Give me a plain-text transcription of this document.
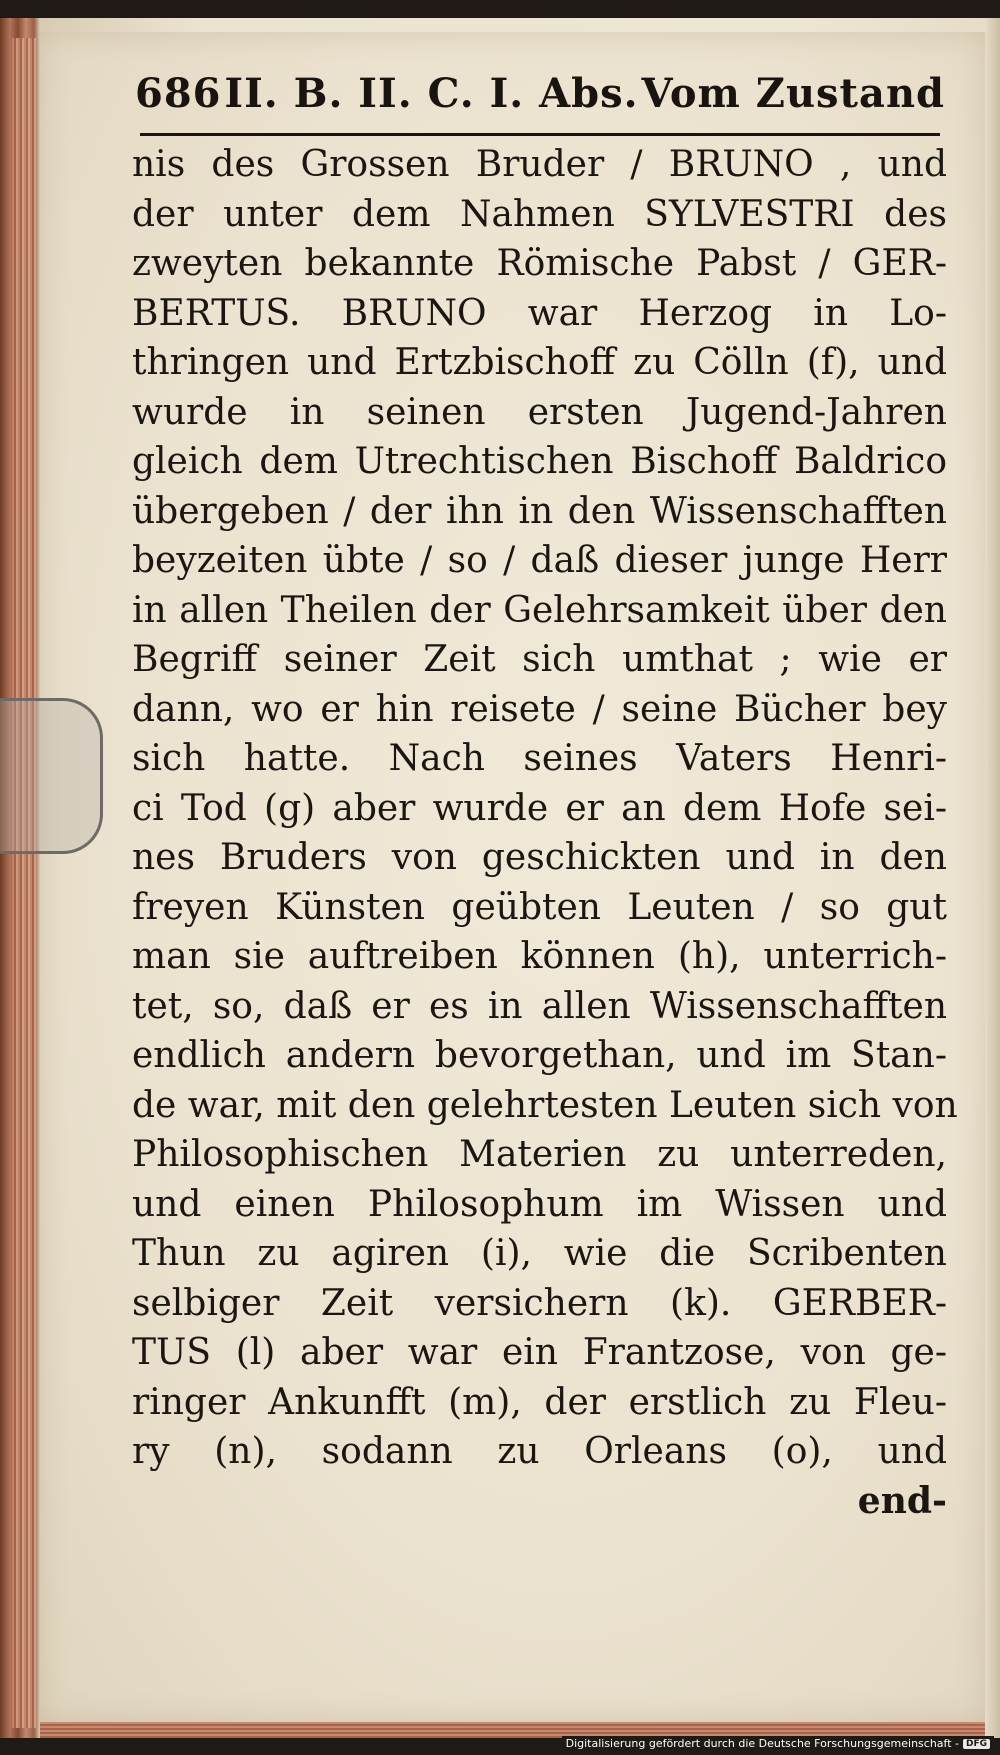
686 II. B. II. C. I. Abs. Vom Zustand
nis des Grossen Bruder / BRUNO , und
der unter dem Nahmen SYLVESTRI des
zweyten bekannte Römische Pabst / GER-
BERTUS. BRUNO war Herzog in Lo-
thringen und Ertzbischoff zu Cölln (f), und
wurde in seinen ersten Jugend-Jahren
gleich dem Utrechtischen Bischoff Baldrico
übergeben / der ihn in den Wissenschafften
beyzeiten übte / so / daß dieser junge Herr
in allen Theilen der Gelehrsamkeit über den
Begriff seiner Zeit sich umthat ; wie er
dann, wo er hin reisete / seine Bücher bey
sich hatte. Nach seines Vaters Henri-
ci Tod (g) aber wurde er an dem Hofe sei-
nes Bruders von geschickten und in den
freyen Künsten geübten Leuten / so gut
man sie auftreiben können (h), unterrich-
tet, so, daß er es in allen Wissenschafften
endlich andern bevorgethan, und im Stan-
de war, mit den gelehrtesten Leuten sich von
Philosophischen Materien zu unterreden,
und einen Philosophum im Wissen und
Thun zu agiren (i), wie die Scribenten
selbiger Zeit versichern (k). GERBER-
TUS (l) aber war ein Frantzose, von ge-
ringer Ankunfft (m), der erstlich zu Fleu-
ry (n), sodann zu Orleans (o), und
end-
Digitalisierung gefördert durch die Deutsche Forschungsgemeinschaft - DFG
